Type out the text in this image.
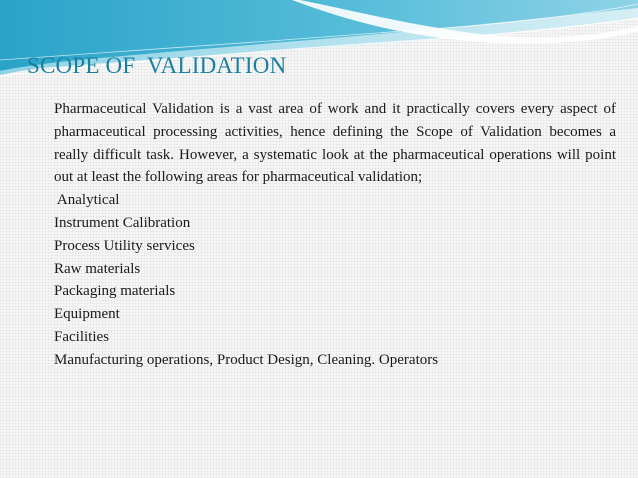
SCOPE OF  VALIDATION

Pharmaceutical Validation is a vast area of work and it practically covers every aspect of pharmaceutical processing activities, hence defining the Scope of Validation becomes a really difficult task. However, a systematic look at the pharmaceutical operations will point out at least the following areas for pharmaceutical validation;

Analytical
Instrument Calibration
Process Utility services
Raw materials
Packaging materials
Equipment
Facilities
Manufacturing operations, Product Design, Cleaning. Operators
